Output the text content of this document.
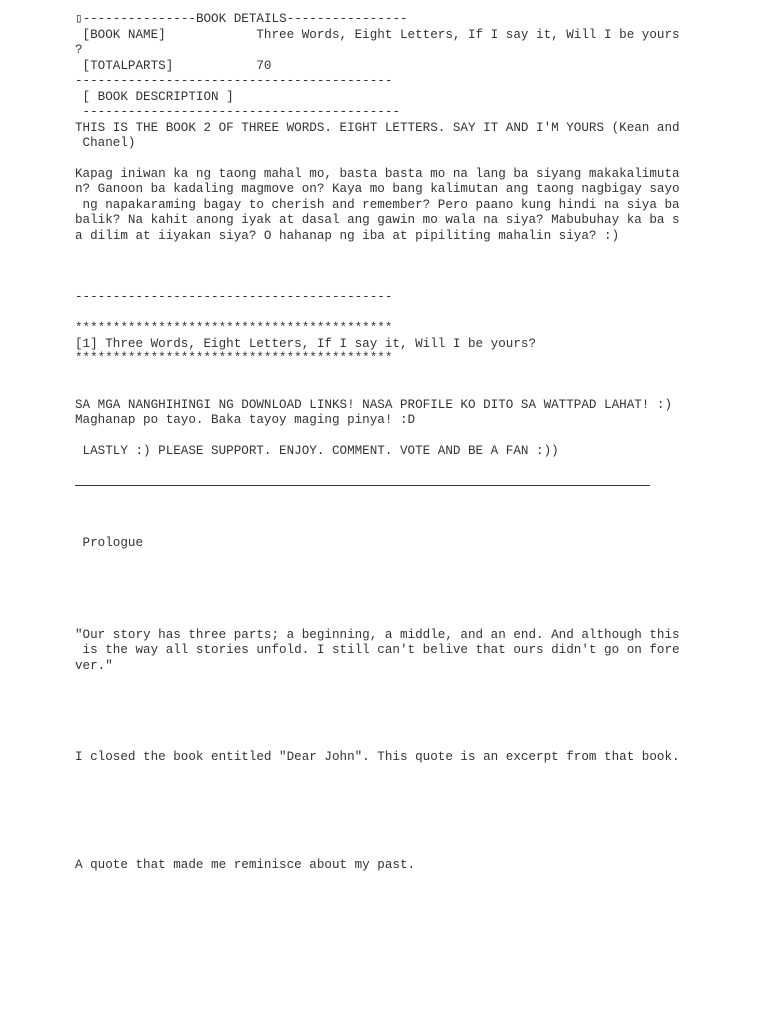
▯---------------BOOK DETAILS----------------
[BOOK NAME]            Three Words, Eight Letters, If I say it, Will I be yours
?
[TOTALPARTS]           70
------------------------------------------
[ BOOK DESCRIPTION ]
------------------------------------------
THIS IS THE BOOK 2 OF THREE WORDS. EIGHT LETTERS. SAY IT AND I'M YOURS (Kean and
Chanel)
Kapag iniwan ka ng taong mahal mo, basta basta mo na lang ba siyang makakalimuta
n? Ganoon ba kadaling magmove on? Kaya mo bang kalimutan ang taong nagbigay sayo
ng napakaraming bagay to cherish and remember? Pero paano kung hindi na siya ba
balik? Na kahit anong iyak at dasal ang gawin mo wala na siya? Mabubuhay ka ba s
a dilim at iiyakan siya? O hahanap ng iba at pipiliting mahalin siya? :)
------------------------------------------
******************************************
[1] Three Words, Eight Letters, If I say it, Will I be yours?
******************************************
SA MGA NANGHIHINGI NG DOWNLOAD LINKS! NASA PROFILE KO DITO SA WATTPAD LAHAT! :)
Maghanap po tayo. Baka tayoy maging pinya! :D
LASTLY :) PLEASE SUPPORT. ENJOY. COMMENT. VOTE AND BE A FAN :))
Prologue
"Our story has three parts; a beginning, a middle, and an end. And although this
is the way all stories unfold. I still can't belive that ours didn't go on fore
ver."
I closed the book entitled "Dear John". This quote is an excerpt from that book.
A quote that made me reminisce about my past.
